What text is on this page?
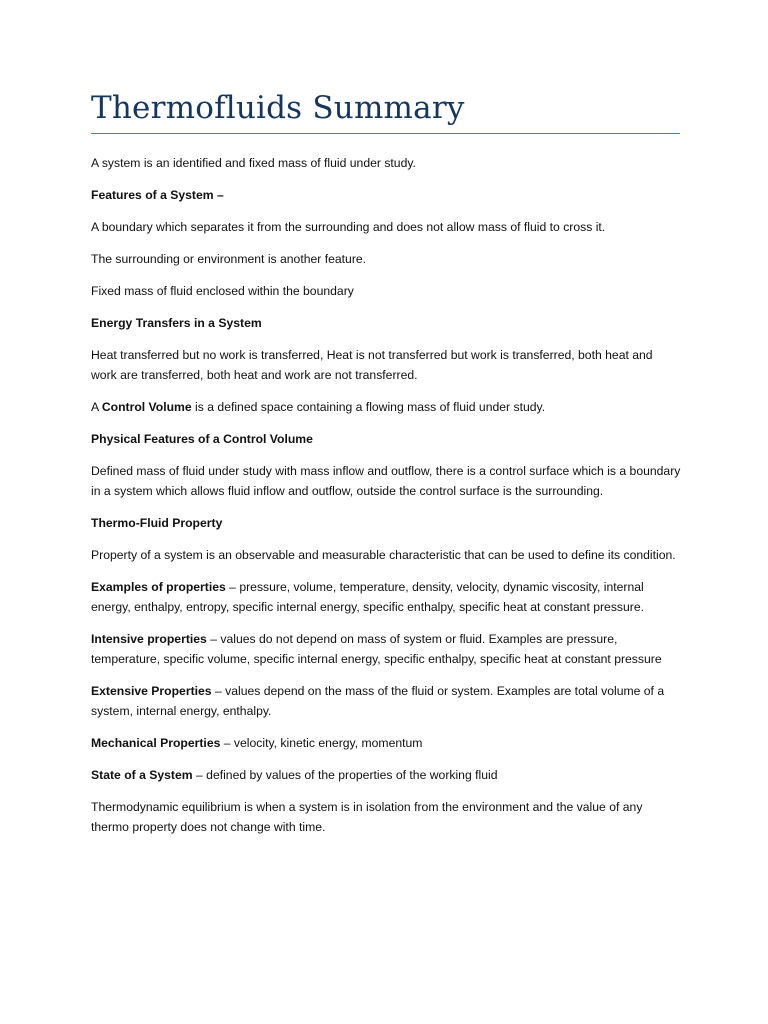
Thermofluids Summary

A system is an identified and fixed mass of fluid under study.

Features of a System –

A boundary which separates it from the surrounding and does not allow mass of fluid to cross it.

The surrounding or environment is another feature.

Fixed mass of fluid enclosed within the boundary

Energy Transfers in a System

Heat transferred but no work is transferred, Heat is not transferred but work is transferred, both heat and work are transferred, both heat and work are not transferred.

A Control Volume is a defined space containing a flowing mass of fluid under study.

Physical Features of a Control Volume

Defined mass of fluid under study with mass inflow and outflow, there is a control surface which is a boundary in a system which allows fluid inflow and outflow, outside the control surface is the surrounding.

Thermo-Fluid Property

Property of a system is an observable and measurable characteristic that can be used to define its condition.

Examples of properties – pressure, volume, temperature, density, velocity, dynamic viscosity, internal energy, enthalpy, entropy, specific internal energy, specific enthalpy, specific heat at constant pressure.

Intensive properties – values do not depend on mass of system or fluid. Examples are pressure, temperature, specific volume, specific internal energy, specific enthalpy, specific heat at constant pressure

Extensive Properties – values depend on the mass of the fluid or system. Examples are total volume of a system, internal energy, enthalpy.

Mechanical Properties – velocity, kinetic energy, momentum

State of a System – defined by values of the properties of the working fluid

Thermodynamic equilibrium is when a system is in isolation from the environment and the value of any thermo property does not change with time.
